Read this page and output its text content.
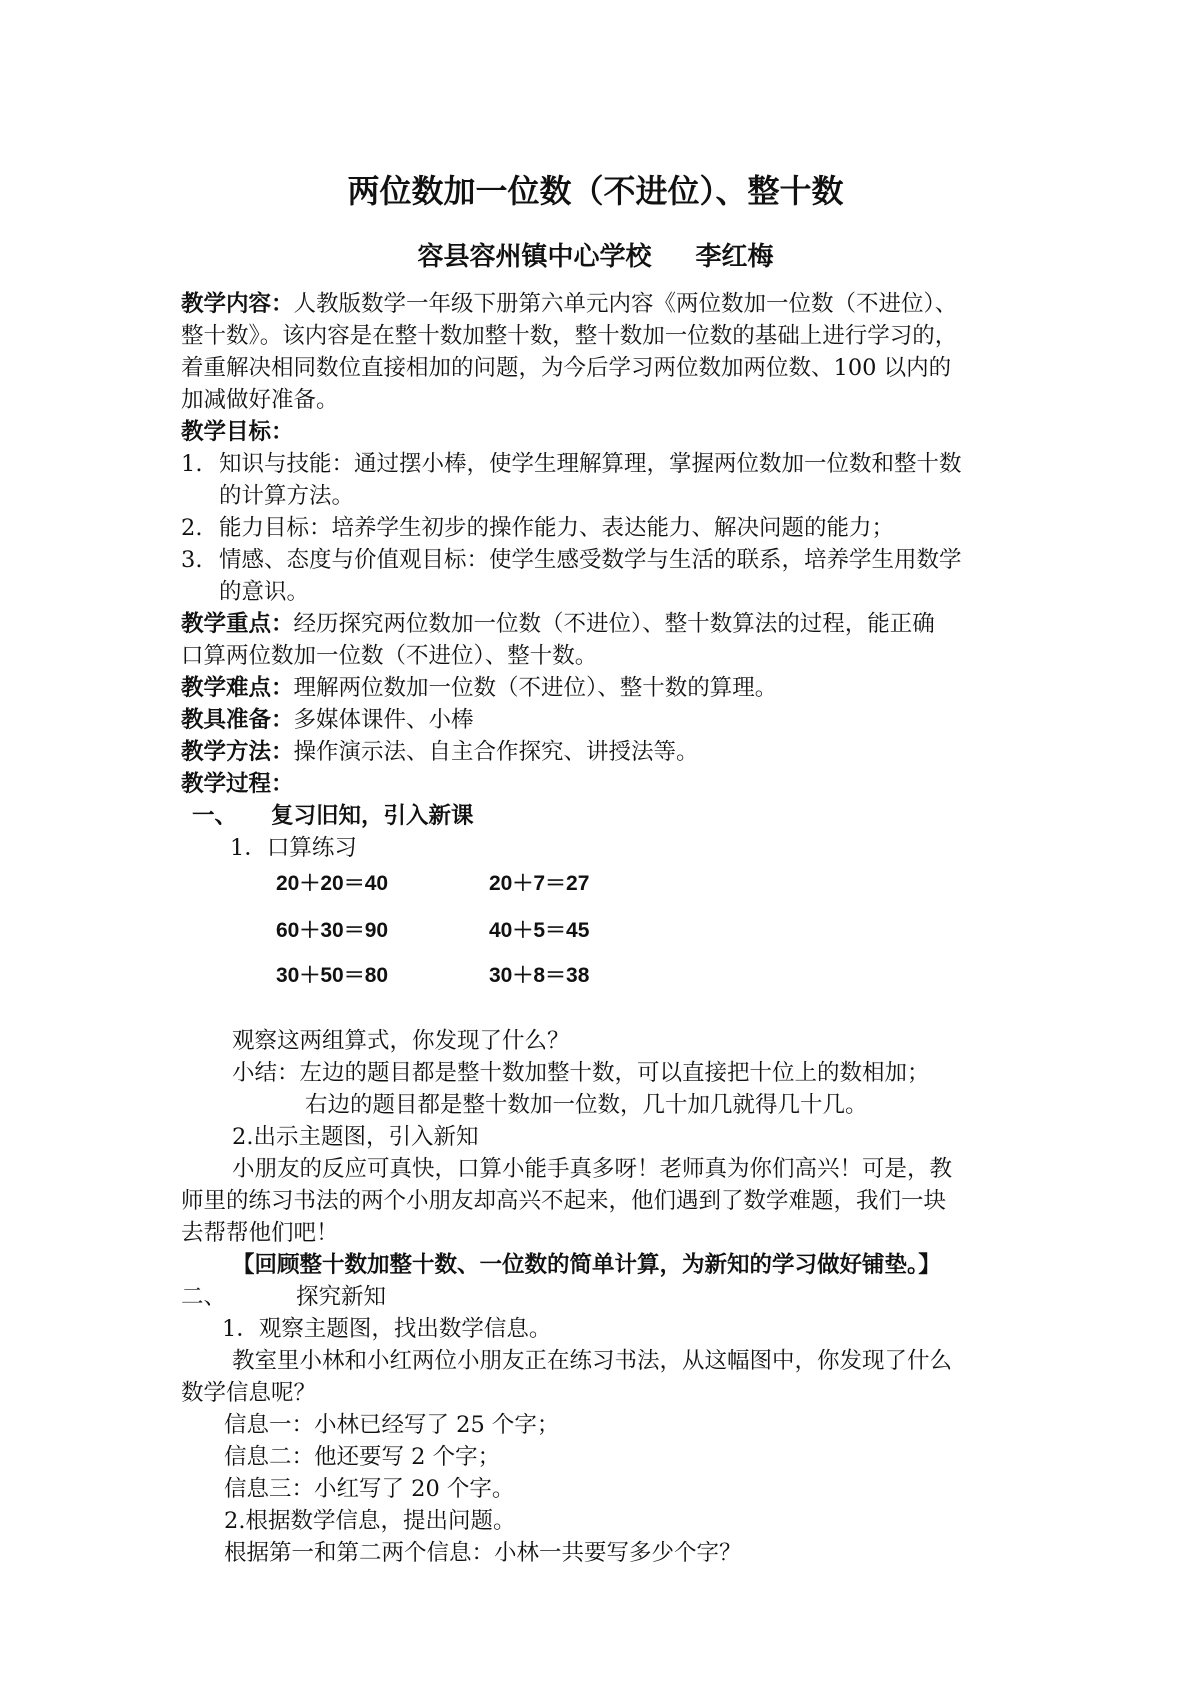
两位数加一位数（不进位）、整十数
容县容州镇中心学校 李红梅
教学内容：人教版数学一年级下册第六单元内容《两位数加一位数（不进位）、
整十数》。该内容是在整十数加整十数，整十数加一位数的基础上进行学习的，
着重解决相同数位直接相加的问题，为今后学习两位数加两位数、100 以内的
加减做好准备。
教学目标：
1. 知识与技能：通过摆小棒，使学生理解算理，掌握两位数加一位数和整十数
的计算方法。
2. 能力目标：培养学生初步的操作能力、表达能力、解决问题的能力；
3. 情感、态度与价值观目标：使学生感受数学与生活的联系，培养学生用数学
的意识。
教学重点：经历探究两位数加一位数（不进位）、整十数算法的过程，能正确
口算两位数加一位数（不进位）、整十数。
教学难点：理解两位数加一位数（不进位）、整十数的算理。
教具准备：多媒体课件、小棒
教学方法：操作演示法、自主合作探究、讲授法等。
教学过程：
一、 复习旧知，引入新课
1．口算练习
20＋20＝40	20＋7＝27
60＋30＝90	40＋5＝45
30＋50＝80	30＋8＝38
观察这两组算式，你发现了什么？
小结：左边的题目都是整十数加整十数，可以直接把十位上的数相加；
右边的题目都是整十数加一位数，几十加几就得几十几。
2.出示主题图，引入新知
小朋友的反应可真快，口算小能手真多呀！老师真为你们高兴！可是，教
师里的练习书法的两个小朋友却高兴不起来，他们遇到了数学难题，我们一块
去帮帮他们吧！
【回顾整十数加整十数、一位数的简单计算，为新知的学习做好铺垫。】
二、	探究新知
1．观察主题图，找出数学信息。
教室里小林和小红两位小朋友正在练习书法，从这幅图中，你发现了什么
数学信息呢？
信息一：小林已经写了 25 个字；
信息二：他还要写 2 个字；
信息三：小红写了 20 个字。
2.根据数学信息，提出问题。
根据第一和第二两个信息：小林一共要写多少个字？
